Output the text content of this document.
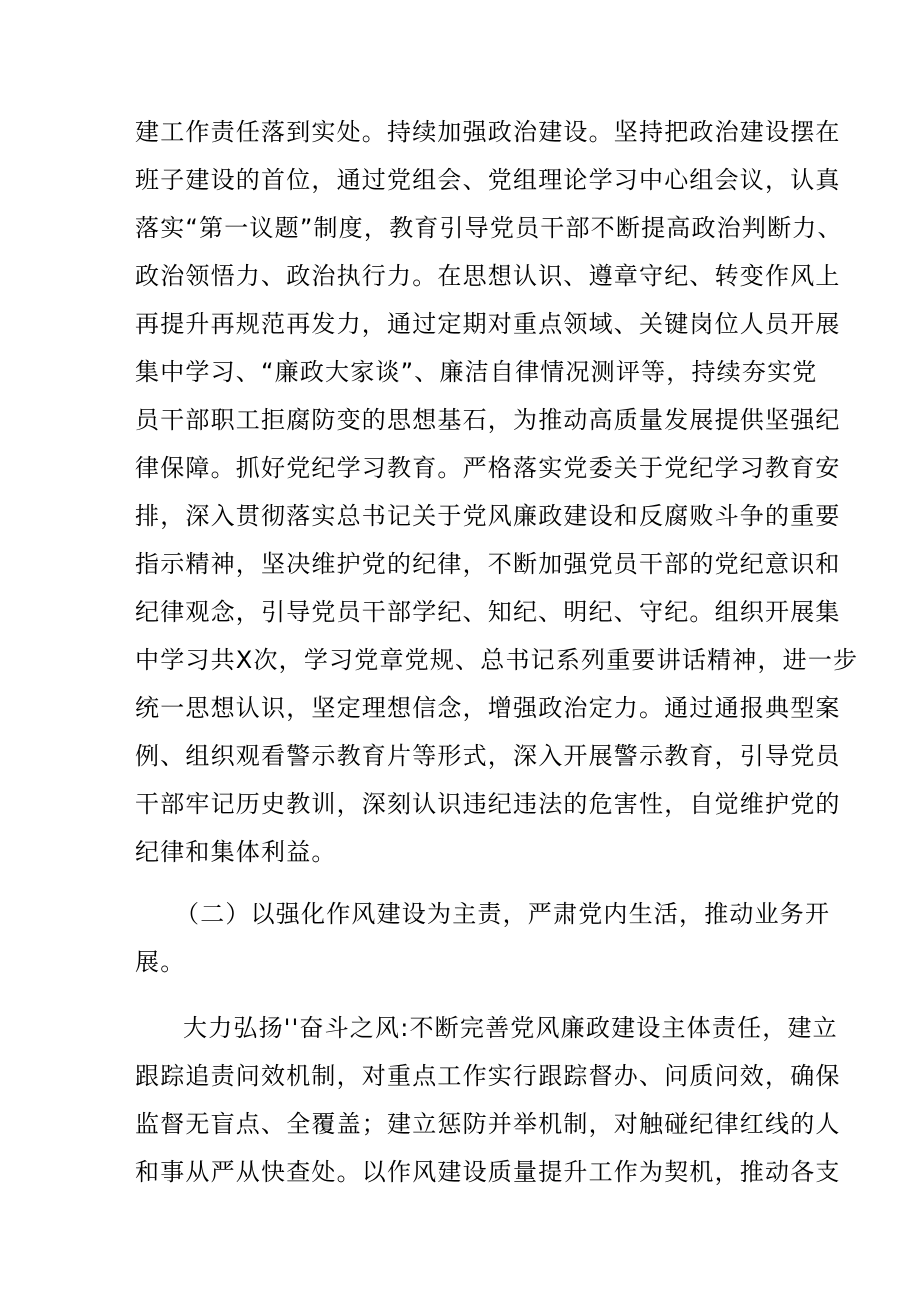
建工作责任落到实处。持续加强政治建设。坚持把政治建设摆在
班子建设的首位，通过党组会、党组理论学习中心组会议，认真
落实“第一议题”制度，教育引导党员干部不断提高政治判断力、
政治领悟力、政治执行力。在思想认识、遵章守纪、转变作风上
再提升再规范再发力，通过定期对重点领域、关键岗位人员开展
集中学习、“廉政大家谈”、廉洁自律情况测评等，持续夯实党
员干部职工拒腐防变的思想基石，为推动高质量发展提供坚强纪
律保障。抓好党纪学习教育。严格落实党委关于党纪学习教育安
排，深入贯彻落实总书记关于党风廉政建设和反腐败斗争的重要
指示精神，坚决维护党的纪律，不断加强党员干部的党纪意识和
纪律观念，引导党员干部学纪、知纪、明纪、守纪。组织开展集
中学习共X次，学习党章党规、总书记系列重要讲话精神，进一步
统一思想认识，坚定理想信念，增强政治定力。通过通报典型案
例、组织观看警示教育片等形式，深入开展警示教育，引导党员
干部牢记历史教训，深刻认识违纪违法的危害性，自觉维护党的
纪律和集体利益。
（二）以强化作风建设为主责，严肃党内生活，推动业务开
展。
大力弘扬''奋斗之风:不断完善党风廉政建设主体责任，建立
跟踪追责问效机制，对重点工作实行跟踪督办、问质问效，确保
监督无盲点、全覆盖；建立惩防并举机制，对触碰纪律红线的人
和事从严从快查处。以作风建设质量提升工作为契机，推动各支
